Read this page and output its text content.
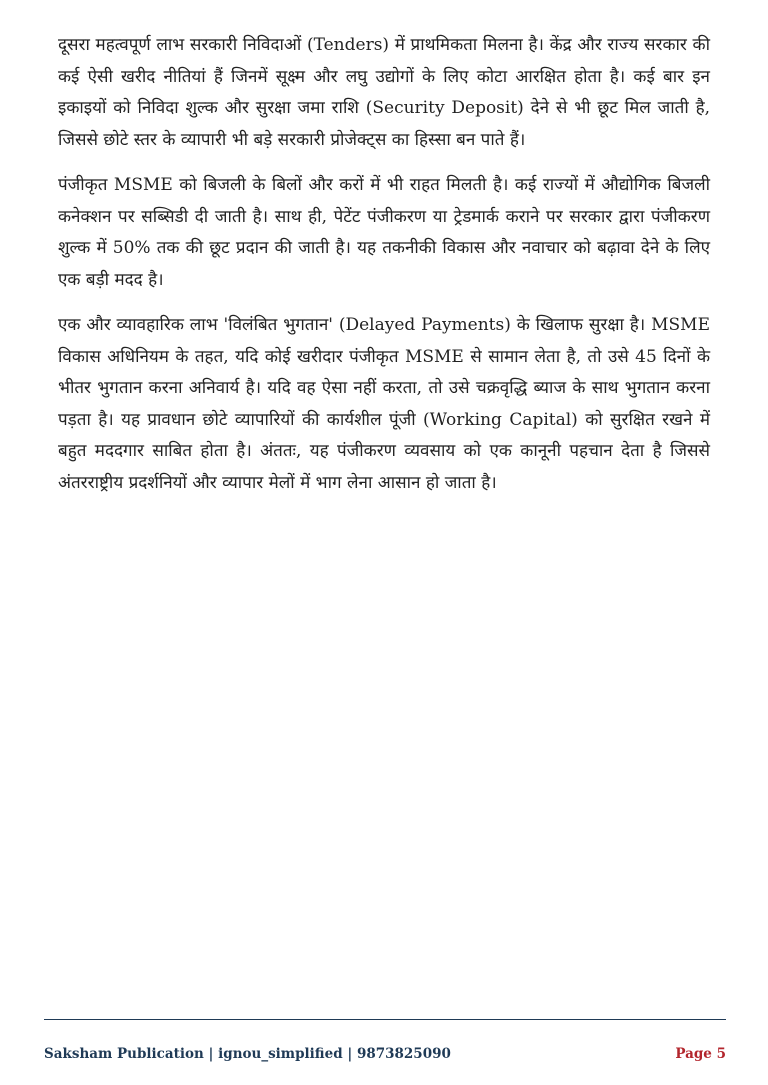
दूसरा महत्वपूर्ण लाभ सरकारी निविदाओं (Tenders) में प्राथमिकता मिलना है। केंद्र और राज्य सरकार की कई ऐसी खरीद नीतियां हैं जिनमें सूक्ष्म और लघु उद्योगों के लिए कोटा आरक्षित होता है। कई बार इन इकाइयों को निविदा शुल्क और सुरक्षा जमा राशि (Security Deposit) देने से भी छूट मिल जाती है, जिससे छोटे स्तर के व्यापारी भी बड़े सरकारी प्रोजेक्ट्स का हिस्सा बन पाते हैं।

पंजीकृत MSME को बिजली के बिलों और करों में भी राहत मिलती है। कई राज्यों में औद्योगिक बिजली कनेक्शन पर सब्सिडी दी जाती है। साथ ही, पेटेंट पंजीकरण या ट्रेडमार्क कराने पर सरकार द्वारा पंजीकरण शुल्क में 50% तक की छूट प्रदान की जाती है। यह तकनीकी विकास और नवाचार को बढ़ावा देने के लिए एक बड़ी मदद है।

एक और व्यावहारिक लाभ 'विलंबित भुगतान' (Delayed Payments) के खिलाफ सुरक्षा है। MSME विकास अधिनियम के तहत, यदि कोई खरीदार पंजीकृत MSME से सामान लेता है, तो उसे 45 दिनों के भीतर भुगतान करना अनिवार्य है। यदि वह ऐसा नहीं करता, तो उसे चक्रवृद्धि ब्याज के साथ भुगतान करना पड़ता है। यह प्रावधान छोटे व्यापारियों की कार्यशील पूंजी (Working Capital) को सुरक्षित रखने में बहुत मददगार साबित होता है। अंततः, यह पंजीकरण व्यवसाय को एक कानूनी पहचान देता है जिससे अंतरराष्ट्रीय प्रदर्शनियों और व्यापार मेलों में भाग लेना आसान हो जाता है।

Saksham Publication | ignou_simplified | 9873825090	Page 5
